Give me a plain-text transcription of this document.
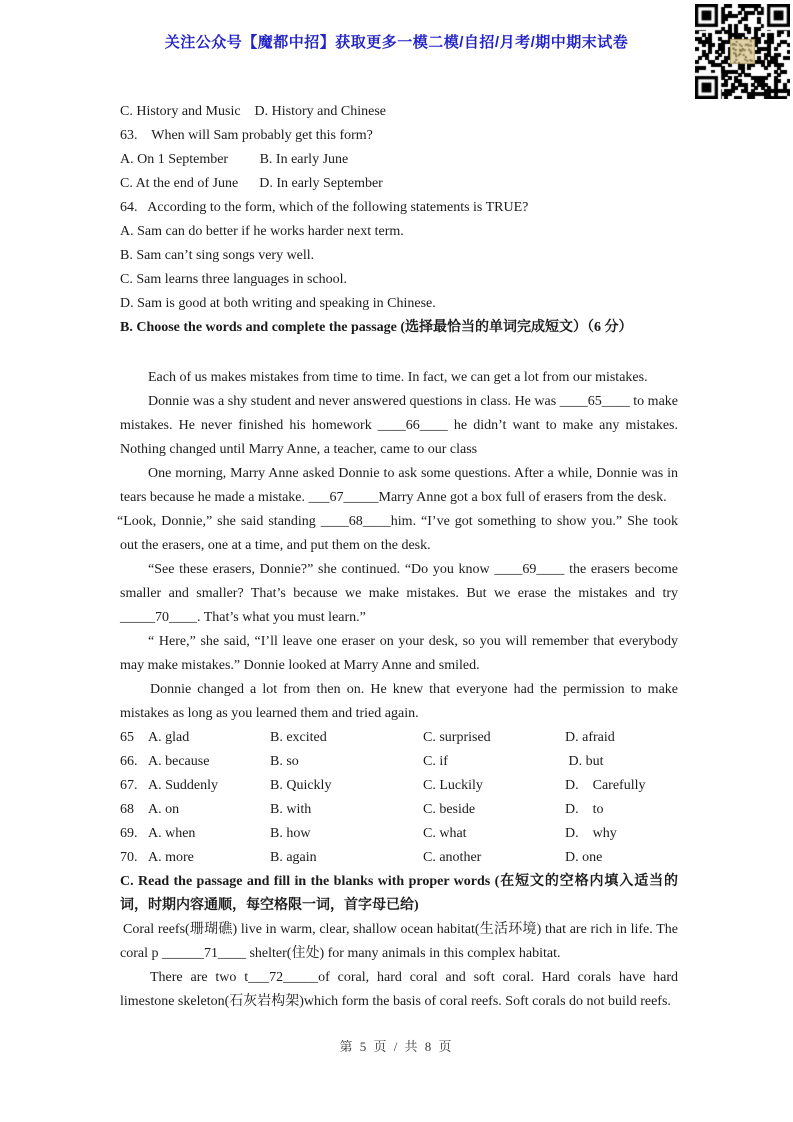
关注公众号【魔都中招】获取更多一模二模/自招/月考/期中期末试卷

C. History and Music    D. History and Chinese

63.    When will Sam probably get this form?

A. On 1 September         B. In early June

C. At the end of June      D. In early September

64.   According to the form, which of the following statements is TRUE?

A. Sam can do better if he works harder next term.

B. Sam can’t sing songs very well.

C. Sam learns three languages in school.

D. Sam is good at both writing and speaking in Chinese.

B. Choose the words and complete the passage (选择最恰当的单词完成短文）（6 分）

Each of us makes mistakes from time to time. In fact, we can get a lot from our mistakes.

Donnie was a shy student and never answered questions in class. He was ____65____ to make mistakes. He never finished his homework ____66____ he didn’t want to make any mistakes. Nothing changed until Marry Anne, a teacher, came to our class

One morning, Marry Anne asked Donnie to ask some questions. After a while, Donnie was in tears because he made a mistake. ___67_____Marry Anne got a box full of erasers from the desk.

“Look, Donnie,” she said standing ____68____him. “I’ve got something to show you.” She took out the erasers, one at a time, and put them on the desk.

“See these erasers, Donnie?” she continued. “Do you know ____69____ the erasers become smaller and smaller? That’s because we make mistakes. But we erase the mistakes and try _____70____. That’s what you must learn.”

“ Here,” she said, “I’ll leave one eraser on your desk, so you will remember that everybody may make mistakes.” Donnie looked at Marry Anne and smiled.

Donnie changed a lot from then on. He knew that everyone had the permission to make mistakes as long as you learned them and tried again.

65	A. glad	B. excited	C. surprised	D. afraid
66. A. because	B. so	C. if	D. but
67. A. Suddenly	B. Quickly	C. Luckily	D.    Carefully
68	A. on	B. with	C. beside	D.    to
69. A. when	B. how	C. what	D.    why
70. A. more	B. again	C. another	D. one

C. Read the passage and fill in the blanks with proper words (在短文的空格内填入适当的词，时期内容通顺，每空格限一词，首字母已给)

Coral reefs(珊瑚礁) live in warm, clear, shallow ocean habitat(生活环境) that are rich in life. The coral p ______71____ shelter(住处) for many animals in this complex habitat.

There are two t___72_____of coral, hard coral and soft coral. Hard corals have hard limestone skeleton(石灰岩构架)which form the basis of coral reefs. Soft corals do not build reefs.

第 5 页 / 共 8 页
